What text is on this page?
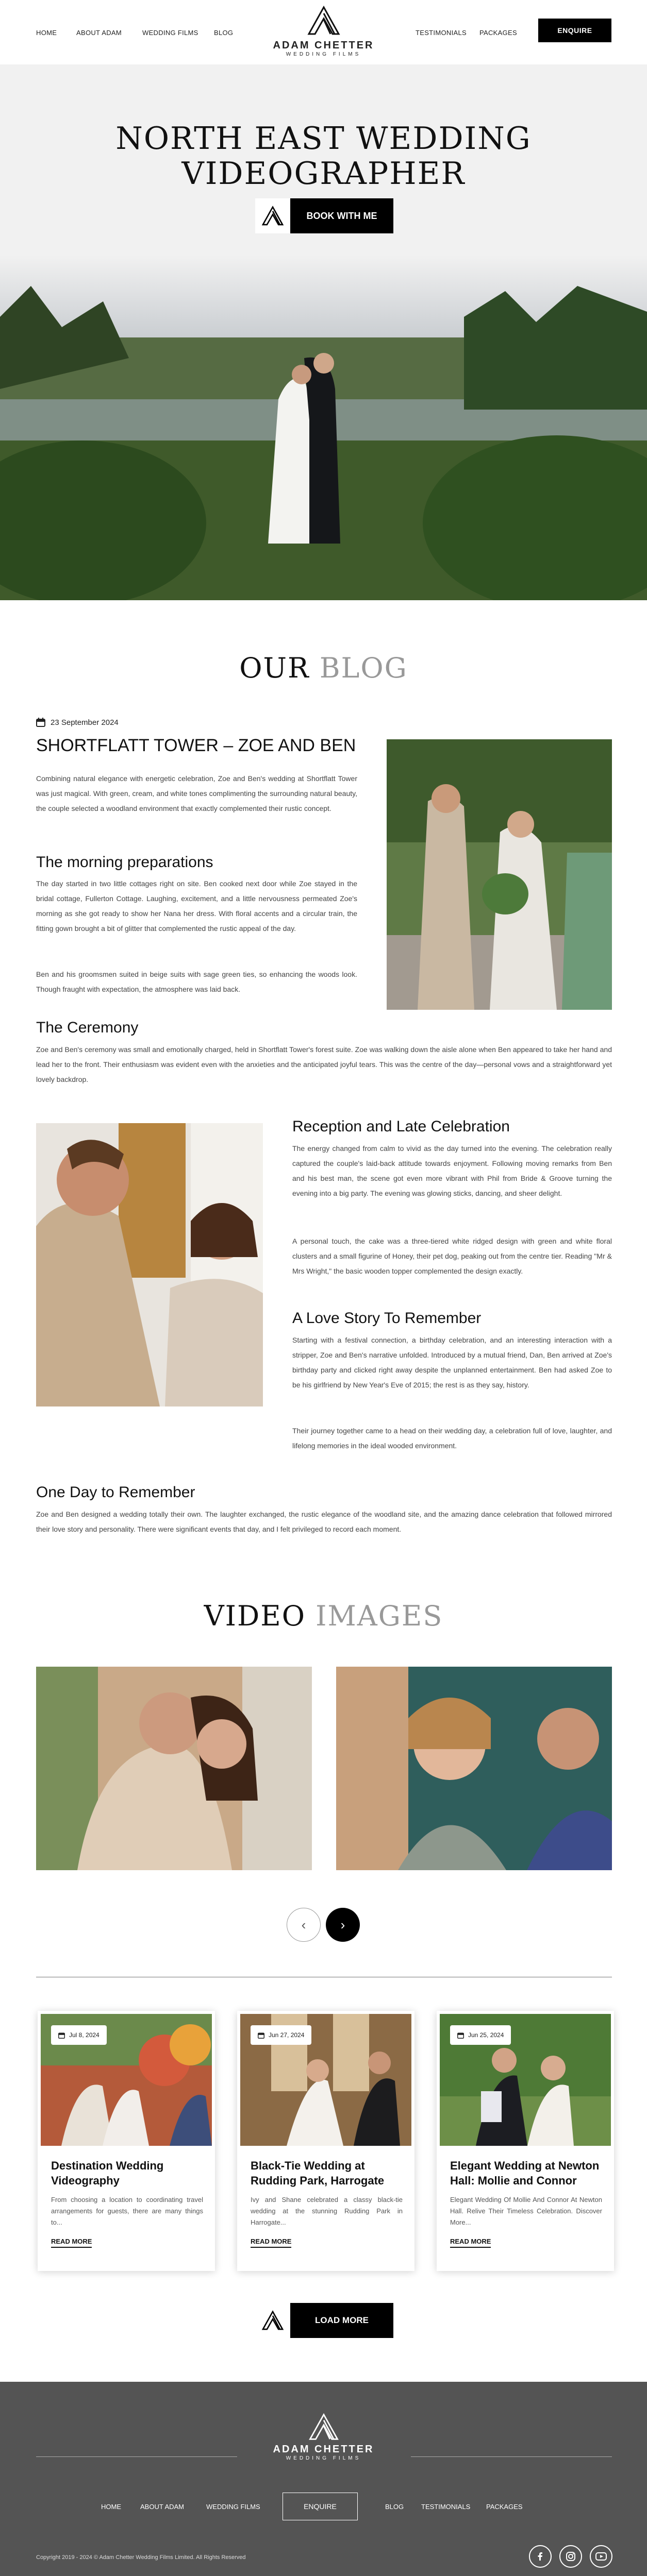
HOME	ABOUT ADAM	WEDDING FILMS BLOG
ADAM CHETTER
WEDDING FILMS
TESTIMONIALS PACKAGES	ENQUIRE
NORTH EAST WEDDING
VIDEOGRAPHER
BOOK WITH ME
OUR BLOG
23 September 2024
SHORTFLATT TOWER – ZOE AND BEN
Combining natural elegance with energetic celebration, Zoe and Ben's wedding at Shortflatt Tower was just magical. With green, cream, and white tones complimenting the surrounding natural beauty, the couple selected a woodland environment that exactly complemented their rustic concept.
The morning preparations
The day started in two little cottages right on site. Ben cooked next door while Zoe stayed in the bridal cottage, Fullerton Cottage. Laughing, excitement, and a little nervousness permeated Zoe's morning as she got ready to show her Nana her dress. With floral accents and a circular train, the fitting gown brought a bit of glitter that complemented the rustic appeal of the day.
Ben and his groomsmen suited in beige suits with sage green ties, so enhancing the woods look. Though fraught with expectation, the atmosphere was laid back.
The Ceremony
Zoe and Ben's ceremony was small and emotionally charged, held in Shortflatt Tower's forest suite. Zoe was walking down the aisle alone when Ben appeared to take her hand and lead her to the front. Their enthusiasm was evident even with the anxieties and the anticipated joyful tears. This was the centre of the day—personal vows and a straightforward yet lovely backdrop.
Reception and Late Celebration
The energy changed from calm to vivid as the day turned into the evening. The celebration really captured the couple's laid-back attitude towards enjoyment. Following moving remarks from Ben and his best man, the scene got even more vibrant with Phil from Bride & Groove turning the evening into a big party. The evening was glowing sticks, dancing, and sheer delight.
A personal touch, the cake was a three-tiered white ridged design with green and white floral clusters and a small figurine of Honey, their pet dog, peaking out from the centre tier. Reading "Mr & Mrs Wright," the basic wooden topper complemented the design exactly.
A Love Story To Remember
Starting with a festival connection, a birthday celebration, and an interesting interaction with a stripper, Zoe and Ben's narrative unfolded. Introduced by a mutual friend, Dan, Ben arrived at Zoe's birthday party and clicked right away despite the unplanned entertainment. Ben had asked Zoe to be his girlfriend by New Year's Eve of 2015; the rest is as they say, history.
Their journey together came to a head on their wedding day, a celebration full of love, laughter, and lifelong memories in the ideal wooded environment.
One Day to Remember
Zoe and Ben designed a wedding totally their own. The laughter exchanged, the rustic elegance of the woodland site, and the amazing dance celebration that followed mirrored their love story and personality. There were significant events that day, and I felt privileged to record each moment.
VIDEO IMAGES
‹	›
Jul 8, 2024
Destination Wedding Videography
From choosing a location to coordinating travel arrangements for guests, there are many things to...
READ MORE
Jun 27, 2024
Black-Tie Wedding at Rudding Park, Harrogate
Ivy and Shane celebrated a classy black-tie wedding at the stunning Rudding Park in Harrogate...
READ MORE
Jun 25, 2024
Elegant Wedding at Newton Hall: Mollie and Connor
Elegant Wedding Of Mollie And Connor At Newton Hall. Relive Their Timeless Celebration. Discover More...
READ MORE
LOAD MORE
ADAM CHETTER
WEDDING FILMS
HOME	ABOUT ADAM	WEDDING FILMS	ENQUIRE	BLOG	TESTIMONIALS PACKAGES
Copyright 2019 - 2024 © Adam Chetter Wedding Films Limited. All Rights Reserved
